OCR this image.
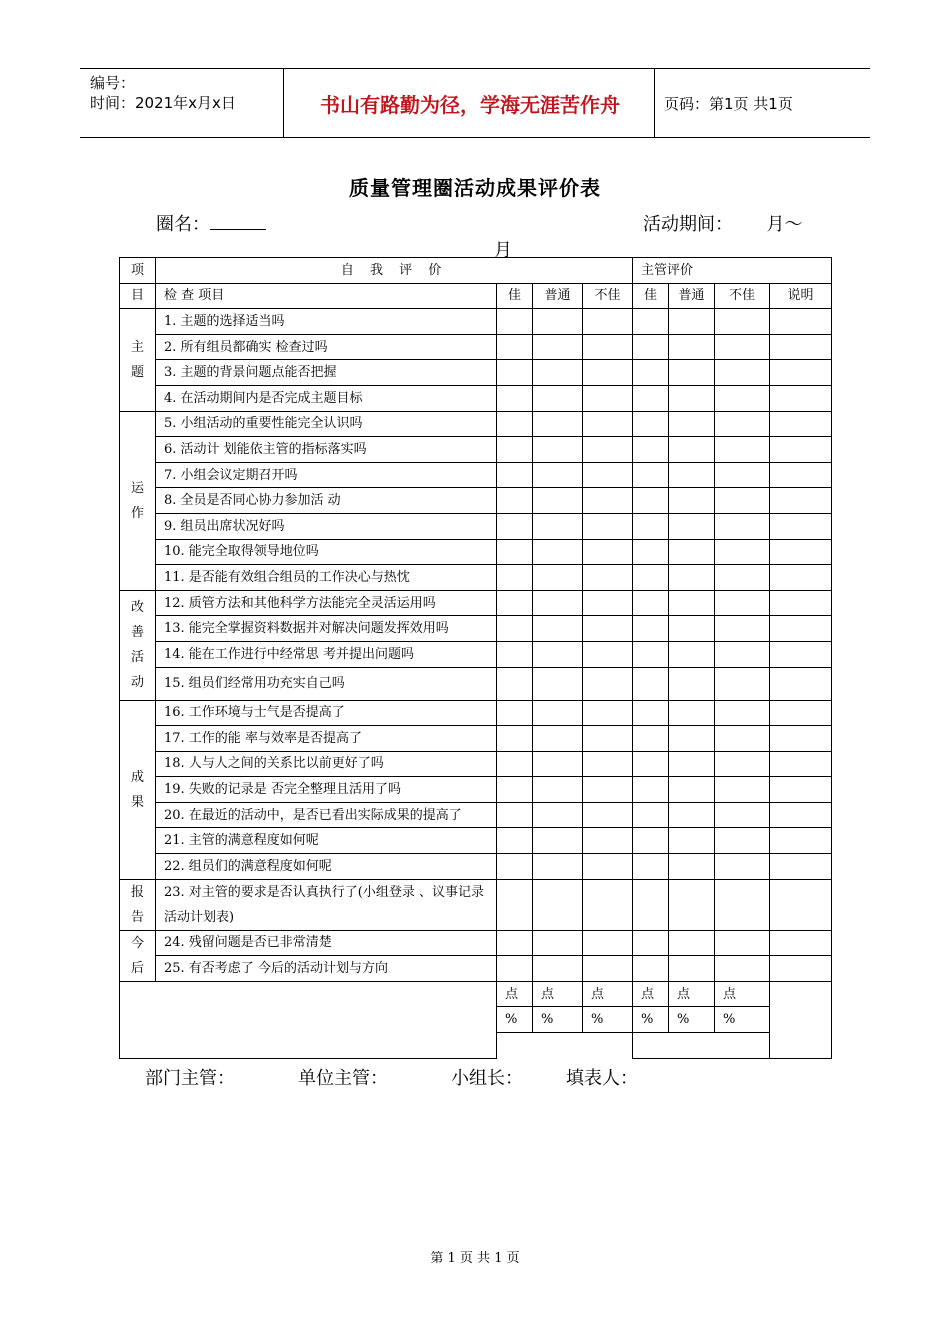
编号：
时间：2021年x月x日	书山有路勤为径，学海无涯苦作舟	页码：第1页 共1页
质量管理圈活动成果评价表
圈名：	活动期间： 月～
月
项	自 我 评 价				主管评价			
目	检 查 项目	佳	普通	不佳	佳	普通	不佳	说明

主
题	1. 主题的选择适当吗							
	2. 所有组员都确实 检查过吗							
	3. 主题的背景问题点能否把握							
	4. 在活动期间内是否完成主题目标							

运
作	5. 小组活动的重要性能完全认识吗							
	6. 活动计 划能依主管的指标落实吗							
	7. 小组会议定期召开吗							
	8. 全员是否同心协力参加活 动							
	9. 组员出席状况好吗							
	10. 能完全取得领导地位吗							
	11. 是否能有效组合组员的工作决心与热忱							

改
善
活
动	12. 质管方法和其他科学方法能完全灵活运用吗							
	13. 能完全掌握资料数据并对解决问题发挥效用吗							
	14. 能在工作进行中经常思 考并提出问题吗							
	15. 组员们经常用功充实自己吗							

成
果	16. 工作环境与士气是否提高了							
	17. 工作的能 率与效率是否提高了							
	18. 人与人之间的关系比以前更好了吗							
	19. 失败的记录是 否完全整理且活用了吗							
	20. 在最近的活动中，是否已看出实际成果的提高了							
	21. 主管的满意程度如何呢							
	22. 组员们的满意程度如何呢							

报
告	23. 对主管的要求是否认真执行了(小组登录 、议事记录活动计划表)							

今
后	24. 残留问题是否已非常清楚							
	25. 有否考虑了 今后的活动计划与方向							
		点	点	点	点	点	点	
		%	%	%	%	%	%	

部门主管：	单位主管：	小组长： 填表人：
第 1 页 共 1 页
